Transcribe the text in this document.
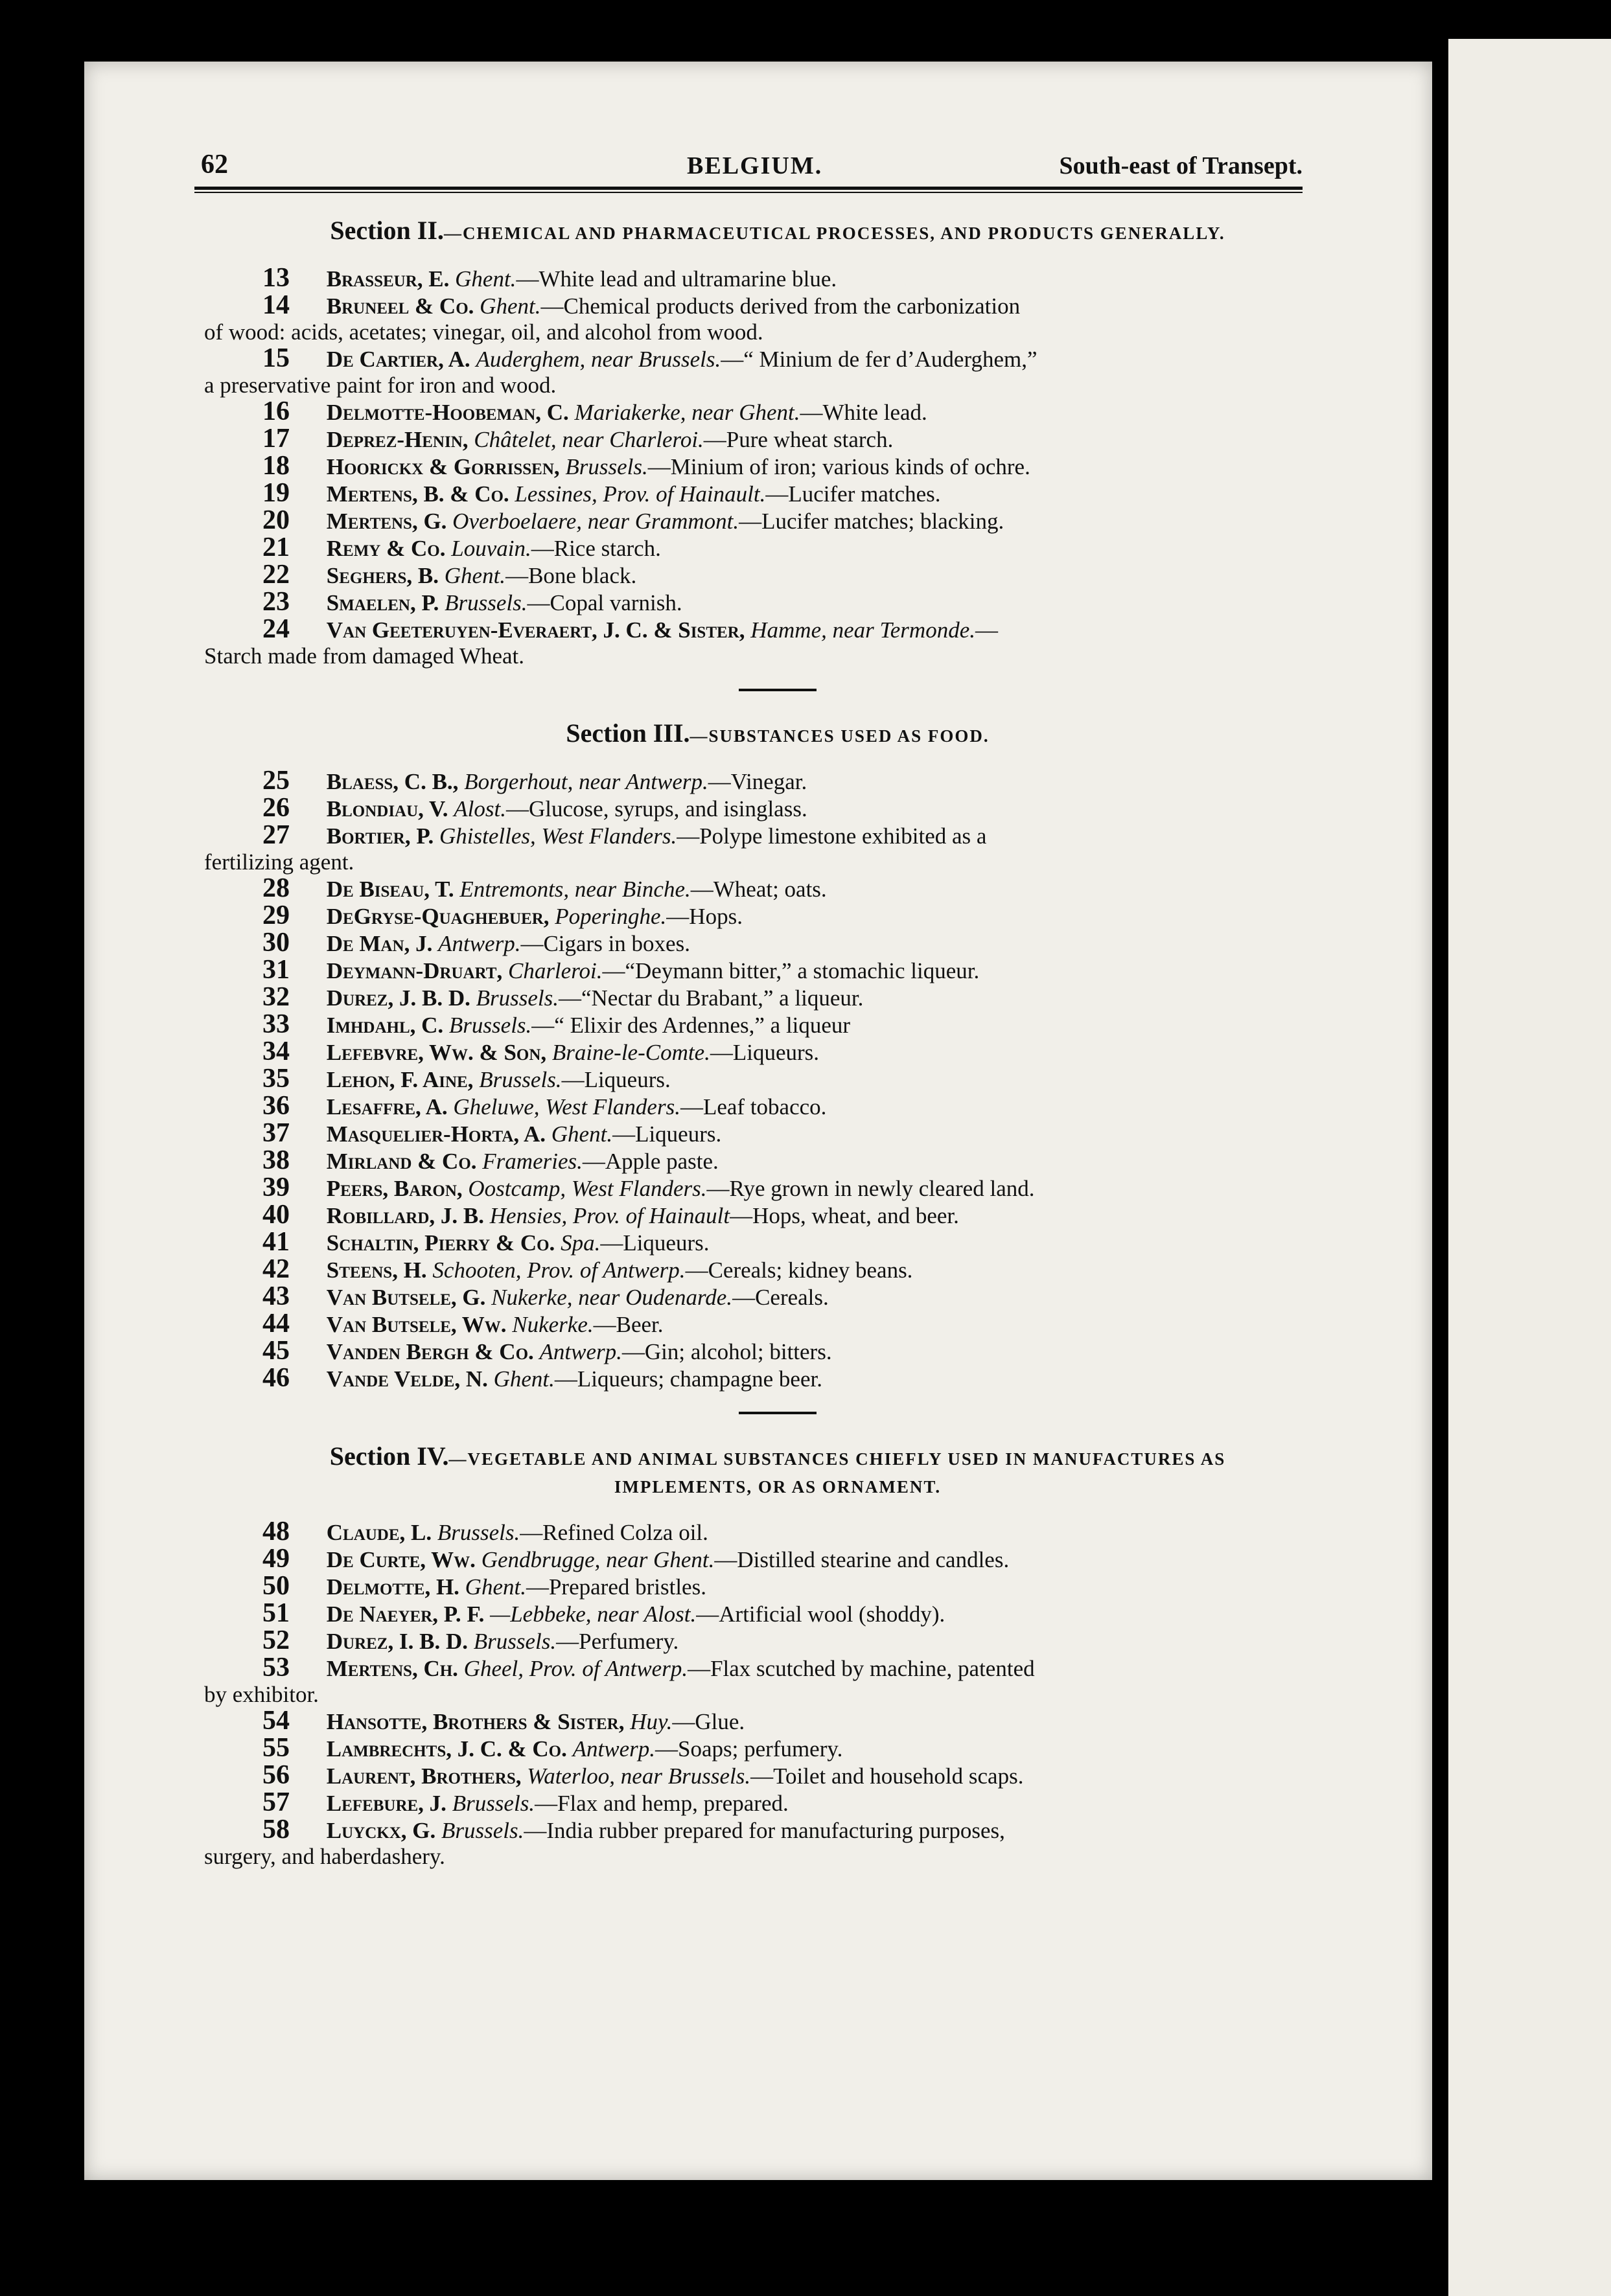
62	BELGIUM.	South-east of Transept.

Section II.—CHEMICAL AND PHARMACEUTICAL PROCESSES, AND PRODUCTS GENERALLY.

13 Brasseur, E. Ghent.—White lead and ultramarine blue.

14 Bruneel & Co. Ghent.—Chemical products derived from the carbonization
of wood: acids, acetates; vinegar, oil, and alcohol from wood.

15 De Cartier, A. Auderghem, near Brussels.—“ Minium de fer d’Auderghem,”
a preservative paint for iron and wood.

16 Delmotte-Hoobeman, C. Mariakerke, near Ghent.—White lead.

17 Deprez-Henin, Châtelet, near Charleroi.—Pure wheat starch.

18 Hoorickx & Gorrissen, Brussels.—Minium of iron; various kinds of ochre.

19 Mertens, B. & Co. Lessines, Prov. of Hainault.—Lucifer matches.

20 Mertens, G. Overboelaere, near Grammont.—Lucifer matches; blacking.

21 Remy & Co. Louvain.—Rice starch.

22 Seghers, B. Ghent.—Bone black.

23 Smaelen, P. Brussels.—Copal varnish.

24 Van Geeteruyen-Everaert, J. C. & Sister, Hamme, near Termonde.—
Starch made from damaged Wheat.

Section III.—SUBSTANCES USED AS FOOD.

25 Blaess, C. B., Borgerhout, near Antwerp.—Vinegar.

26 Blondiau, V. Alost.—Glucose, syrups, and isinglass.

27 Bortier, P. Ghistelles, West Flanders.—Polype limestone exhibited as a
fertilizing agent.

28 De Biseau, T. Entremonts, near Binche.—Wheat; oats.

29 DeGryse-Quaghebuer, Poperinghe.—Hops.

30 De Man, J. Antwerp.—Cigars in boxes.

31 Deymann-Druart, Charleroi.—“Deymann bitter,” a stomachic liqueur.

32 Durez, J. B. D. Brussels.—“Nectar du Brabant,” a liqueur.

33 Imhdahl, C. Brussels.—“ Elixir des Ardennes,” a liqueur

34 Lefebvre, Ww. & Son, Braine-le-Comte.—Liqueurs.

35 Lehon, F. Aine, Brussels.—Liqueurs.

36 Lesaffre, A. Gheluwe, West Flanders.—Leaf tobacco.

37 Masquelier-Horta, A. Ghent.—Liqueurs.

38 Mirland & Co. Frameries.—Apple paste.

39 Peers, Baron, Oostcamp, West Flanders.—Rye grown in newly cleared land.

40 Robillard, J. B. Hensies, Prov. of Hainault—Hops, wheat, and beer.

41 Schaltin, Pierry & Co. Spa.—Liqueurs.

42 Steens, H. Schooten, Prov. of Antwerp.—Cereals; kidney beans.

43 Van Butsele, G. Nukerke, near Oudenarde.—Cereals.

44 Van Butsele, Ww. Nukerke.—Beer.

45 Vanden Bergh & Co. Antwerp.—Gin; alcohol; bitters.

46 Vande Velde, N. Ghent.—Liqueurs; champagne beer.

Section IV.—VEGETABLE AND ANIMAL SUBSTANCES CHIEFLY USED IN MANUFACTURES AS IMPLEMENTS, OR AS ORNAMENT.

48 Claude, L. Brussels.—Refined Colza oil.

49 De Curte, Ww. Gendbrugge, near Ghent.—Distilled stearine and candles.

50 Delmotte, H. Ghent.—Prepared bristles.

51 De Naeyer, P. F. —Lebbeke, near Alost.—Artificial wool (shoddy).

52 Durez, I. B. D. Brussels.—Perfumery.

53 Mertens, Ch. Gheel, Prov. of Antwerp.—Flax scutched by machine, patented
by exhibitor.

54 Hansotte, Brothers & Sister, Huy.—Glue.

55 Lambrechts, J. C. & Co. Antwerp.—Soaps; perfumery.

56 Laurent, Brothers, Waterloo, near Brussels.—Toilet and household scaps.

57 Lefebure, J. Brussels.—Flax and hemp, prepared.

58 Luyckx, G. Brussels.—India rubber prepared for manufacturing purposes,
surgery, and haberdashery.
